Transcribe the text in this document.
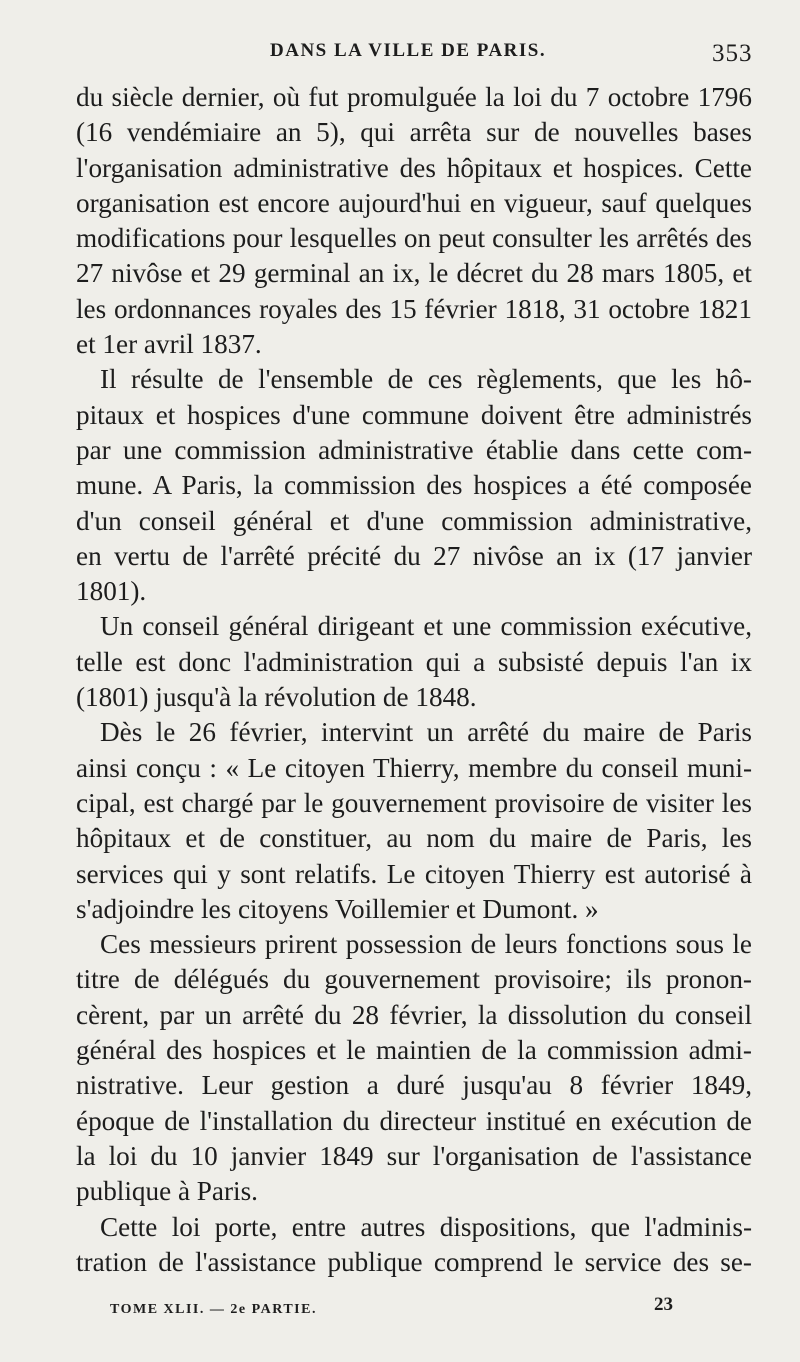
DANS LA VILLE DE PARIS.	353
du siècle dernier, où fut promulguée la loi du 7 octobre 1796
(16 vendémiaire an 5), qui arrêta sur de nouvelles bases
l'organisation administrative des hôpitaux et hospices. Cette
organisation est encore aujourd'hui en vigueur, sauf quelques
modifications pour lesquelles on peut consulter les arrêtés des
27 nivôse et 29 germinal an ix, le décret du 28 mars 1805, et
les ordonnances royales des 15 février 1818, 31 octobre 1821
et 1er avril 1837.
Il résulte de l'ensemble de ces règlements, que les hô-
pitaux et hospices d'une commune doivent être administrés
par une commission administrative établie dans cette com-
mune. A Paris, la commission des hospices a été composée
d'un conseil général et d'une commission administrative,
en vertu de l'arrêté précité du 27 nivôse an ix (17 janvier
1801).
Un conseil général dirigeant et une commission exécutive,
telle est donc l'administration qui a subsisté depuis l'an ix
(1801) jusqu'à la révolution de 1848.
Dès le 26 février, intervint un arrêté du maire de Paris
ainsi conçu : « Le citoyen Thierry, membre du conseil muni-
cipal, est chargé par le gouvernement provisoire de visiter les
hôpitaux et de constituer, au nom du maire de Paris, les
services qui y sont relatifs. Le citoyen Thierry est autorisé à
s'adjoindre les citoyens Voillemier et Dumont. »
Ces messieurs prirent possession de leurs fonctions sous le
titre de délégués du gouvernement provisoire; ils pronon-
cèrent, par un arrêté du 28 février, la dissolution du conseil
général des hospices et le maintien de la commission admi-
nistrative. Leur gestion a duré jusqu'au 8 février 1849,
époque de l'installation du directeur institué en exécution de
la loi du 10 janvier 1849 sur l'organisation de l'assistance
publique à Paris.
Cette loi porte, entre autres dispositions, que l'adminis-
tration de l'assistance publique comprend le service des se-
TOME XLII. — 2e PARTIE.	23
